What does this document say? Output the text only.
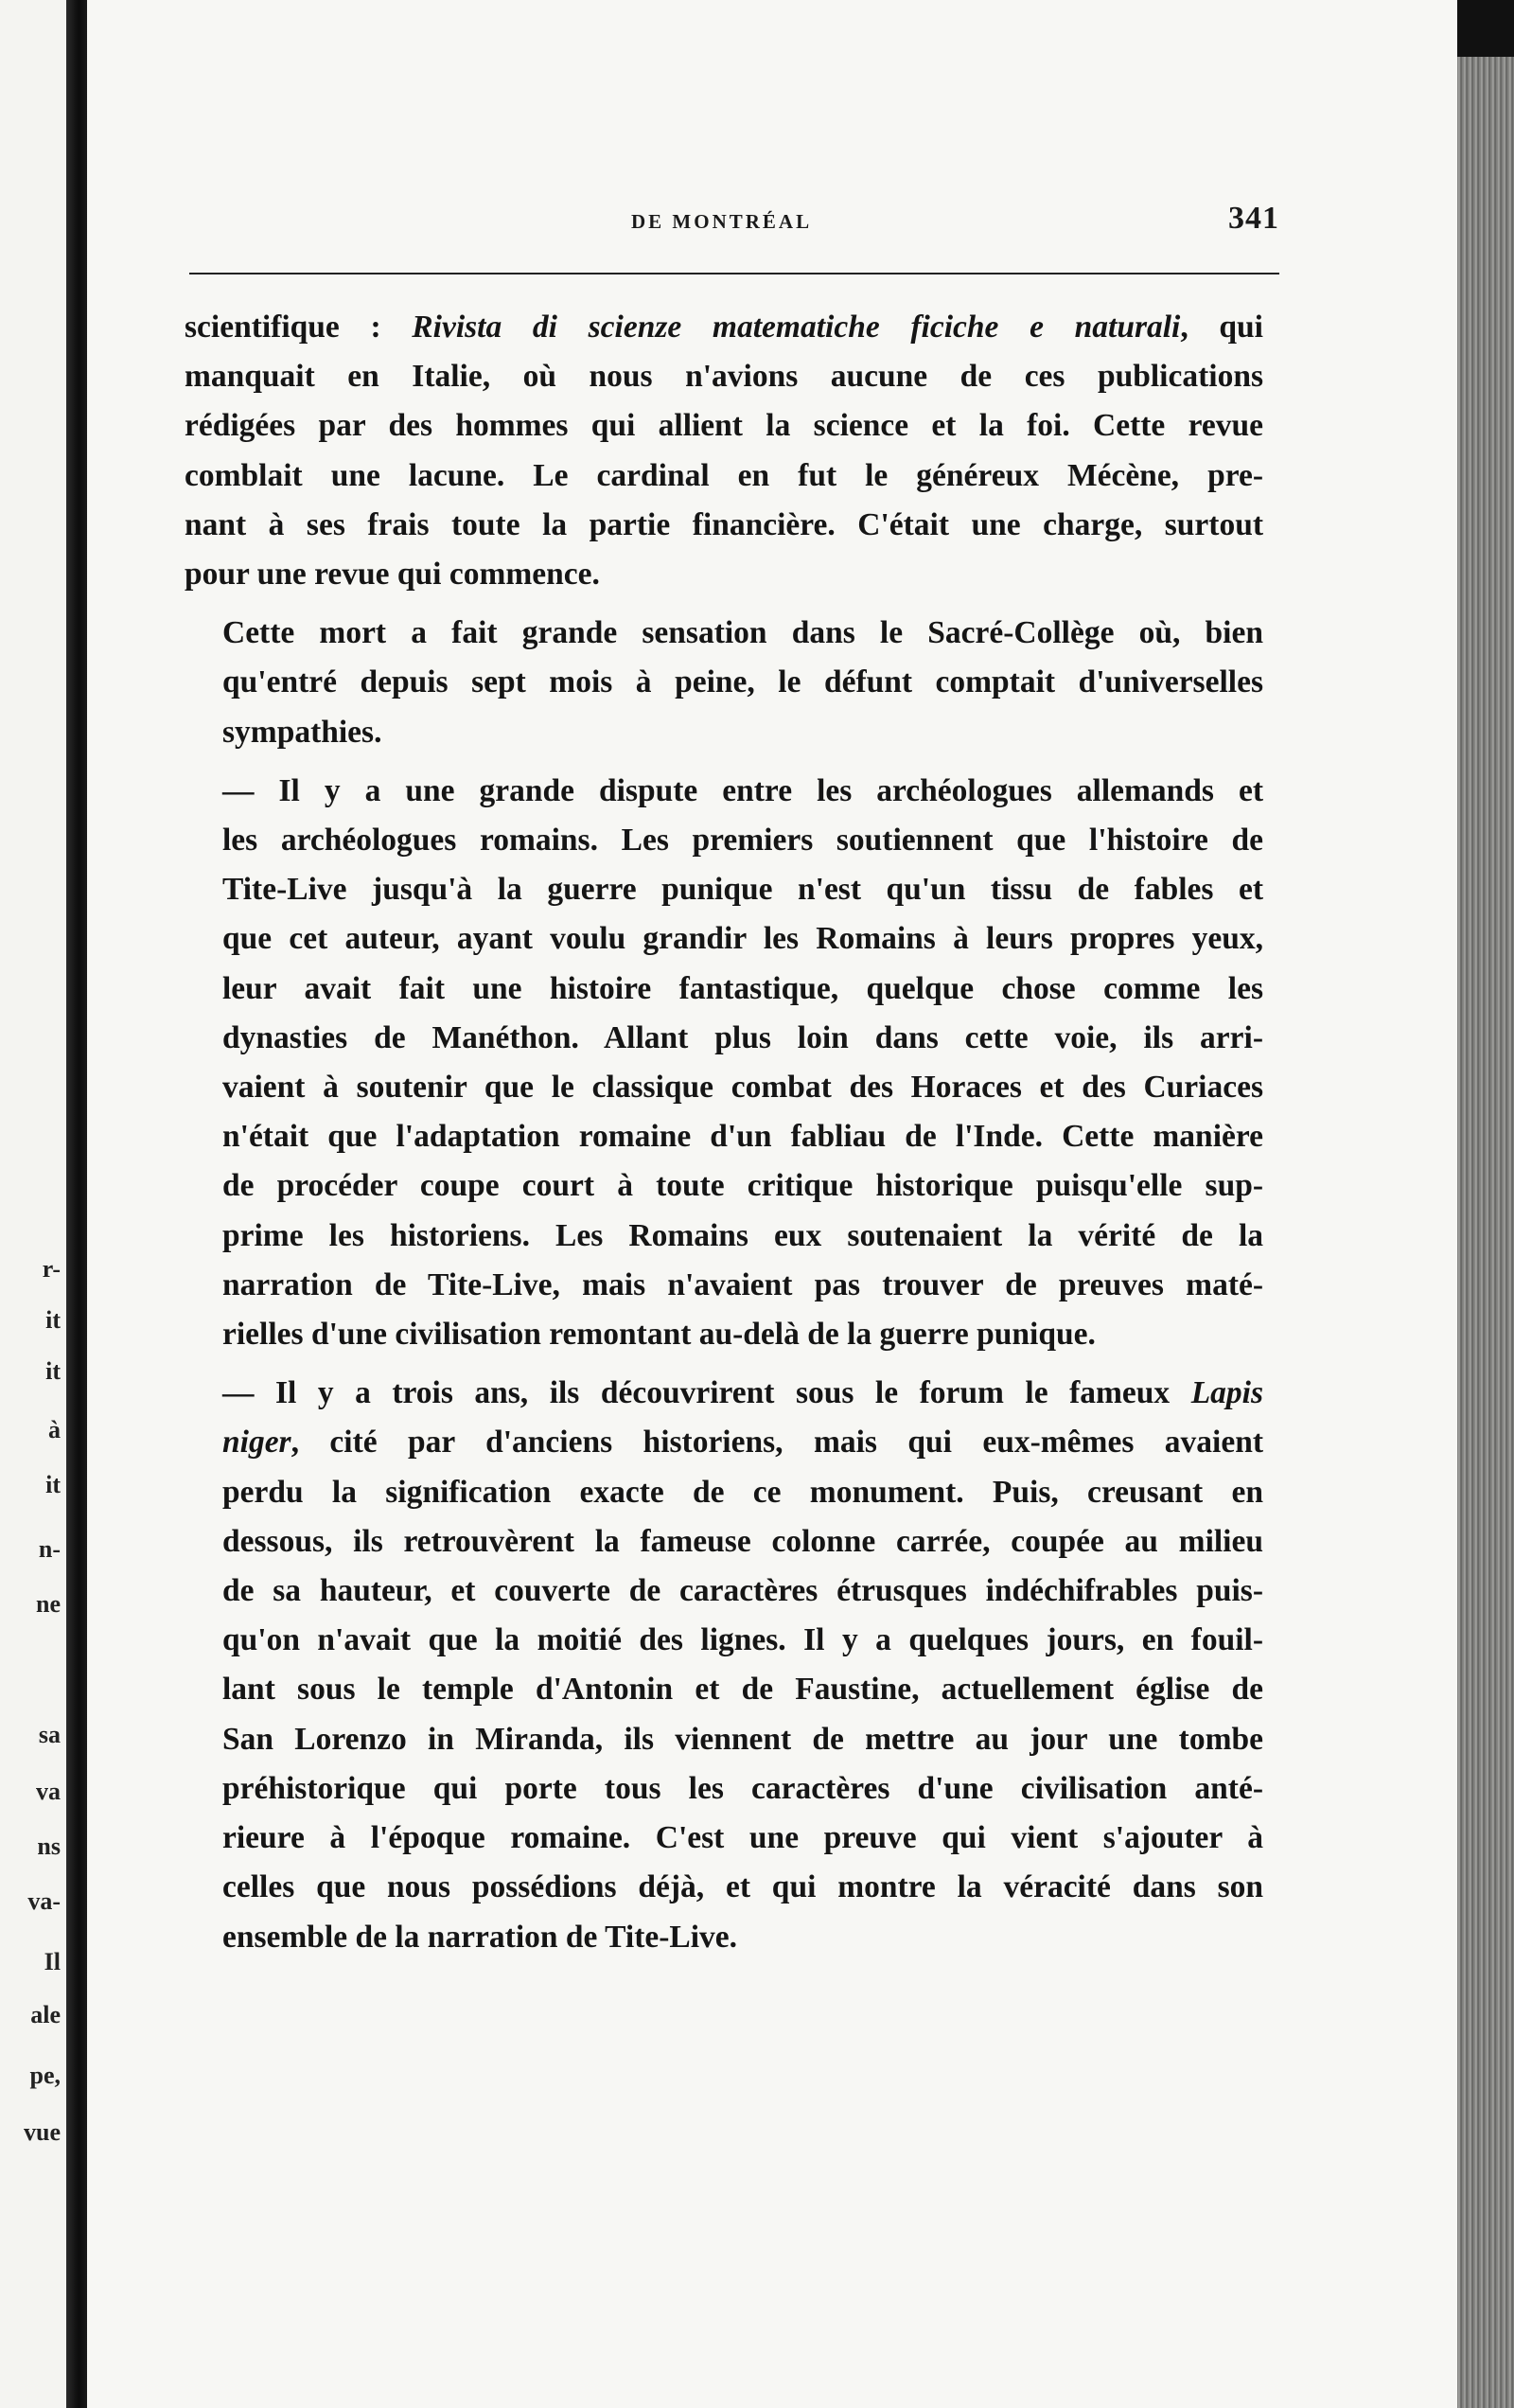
r-

it

it

à

it

n-

ne

sa

va

ns

va-

Il

ale

pe,

vue

DE MONTRÉAL	341

scientifique : Rivista di scienze matematiche ficiche e naturali, qui
manquait en Italie, où nous n'avions aucune de ces publications
rédigées par des hommes qui allient la science et la foi. Cette revue
comblait une lacune. Le cardinal en fut le généreux Mécène, pre-
nant à ses frais toute la partie financière. C'était une charge, surtout
pour une revue qui commence.

Cette mort a fait grande sensation dans le Sacré-Collège où, bien
qu'entré depuis sept mois à peine, le défunt comptait d'universelles
sympathies.

— Il y a une grande dispute entre les archéologues allemands et
les archéologues romains. Les premiers soutiennent que l'histoire de
Tite-Live jusqu'à la guerre punique n'est qu'un tissu de fables et
que cet auteur, ayant voulu grandir les Romains à leurs propres yeux,
leur avait fait une histoire fantastique, quelque chose comme les
dynasties de Manéthon. Allant plus loin dans cette voie, ils arri-
vaient à soutenir que le classique combat des Horaces et des Curiaces
n'était que l'adaptation romaine d'un fabliau de l'Inde. Cette manière
de procéder coupe court à toute critique historique puisqu'elle sup-
prime les historiens. Les Romains eux soutenaient la vérité de la
narration de Tite-Live, mais n'avaient pas trouver de preuves maté-
rielles d'une civilisation remontant au-delà de la guerre punique.

— Il y a trois ans, ils découvrirent sous le forum le fameux Lapis
niger, cité par d'anciens historiens, mais qui eux-mêmes avaient
perdu la signification exacte de ce monument. Puis, creusant en
dessous, ils retrouvèrent la fameuse colonne carrée, coupée au milieu
de sa hauteur, et couverte de caractères étrusques indéchifrables puis-
qu'on n'avait que la moitié des lignes. Il y a quelques jours, en fouil-
lant sous le temple d'Antonin et de Faustine, actuellement église de
San Lorenzo in Miranda, ils viennent de mettre au jour une tombe
préhistorique qui porte tous les caractères d'une civilisation anté-
rieure à l'époque romaine. C'est une preuve qui vient s'ajouter à
celles que nous possédions déjà, et qui montre la véracité dans son
ensemble de la narration de Tite-Live.
